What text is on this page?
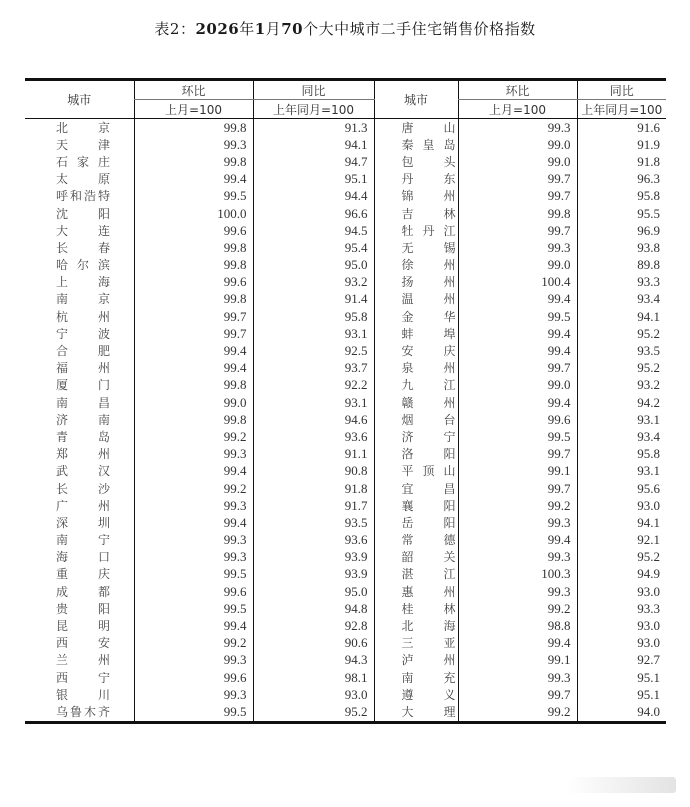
表2：2026年1月70个大中城市二手住宅销售价格指数
城市	环比	同比	城市	环比	同比
	上月=100	上年同月=100		上月=100	上年同月=100

北 京	99.8	91.3	唐 山	99.3	91.6

天 津	99.3	94.1	秦 皇 岛	99.0	91.9

石 家 庄	99.8	94.7	包 头	99.0	91.8

太 原	99.4	95.1	丹 东	99.7	96.3

呼 和 浩 特	99.5	94.4	锦 州	99.7	95.8

沈 阳	100.0	96.6	吉 林	99.8	95.5

大 连	99.6	94.5	牡 丹 江	99.7	96.9

长 春	99.8	95.4	无 锡	99.3	93.8

哈 尔 滨	99.8	95.0	徐 州	99.0	89.8

上 海	99.6	93.2	扬 州	100.4	93.3

南 京	99.8	91.4	温 州	99.4	93.4

杭 州	99.7	95.8	金 华	99.5	94.1

宁 波	99.7	93.1	蚌 埠	99.4	95.2

合 肥	99.4	92.5	安 庆	99.4	93.5

福 州	99.4	93.7	泉 州	99.7	95.2

厦 门	99.8	92.2	九 江	99.0	93.2

南 昌	99.0	93.1	赣 州	99.4	94.2

济 南	99.8	94.6	烟 台	99.6	93.1

青 岛	99.2	93.6	济 宁	99.5	93.4

郑 州	99.3	91.1	洛 阳	99.7	95.8

武 汉	99.4	90.8	平 顶 山	99.1	93.1

长 沙	99.2	91.8	宜 昌	99.7	95.6

广 州	99.3	91.7	襄 阳	99.2	93.0

深 圳	99.4	93.5	岳 阳	99.3	94.1

南 宁	99.3	93.6	常 德	99.4	92.1

海 口	99.3	93.9	韶 关	99.3	95.2

重 庆	99.5	93.9	湛 江	100.3	94.9

成 都	99.6	95.0	惠 州	99.3	93.0

贵 阳	99.5	94.8	桂 林	99.2	93.3

昆 明	99.4	92.8	北 海	98.8	93.0

西 安	99.2	90.6	三 亚	99.4	93.0

兰 州	99.3	94.3	泸 州	99.1	92.7

西 宁	99.6	98.1	南 充	99.3	95.1

银 川	99.3	93.0	遵 义	99.7	95.1

乌 鲁 木 齐	99.5	95.2	大 理	99.2	94.0
